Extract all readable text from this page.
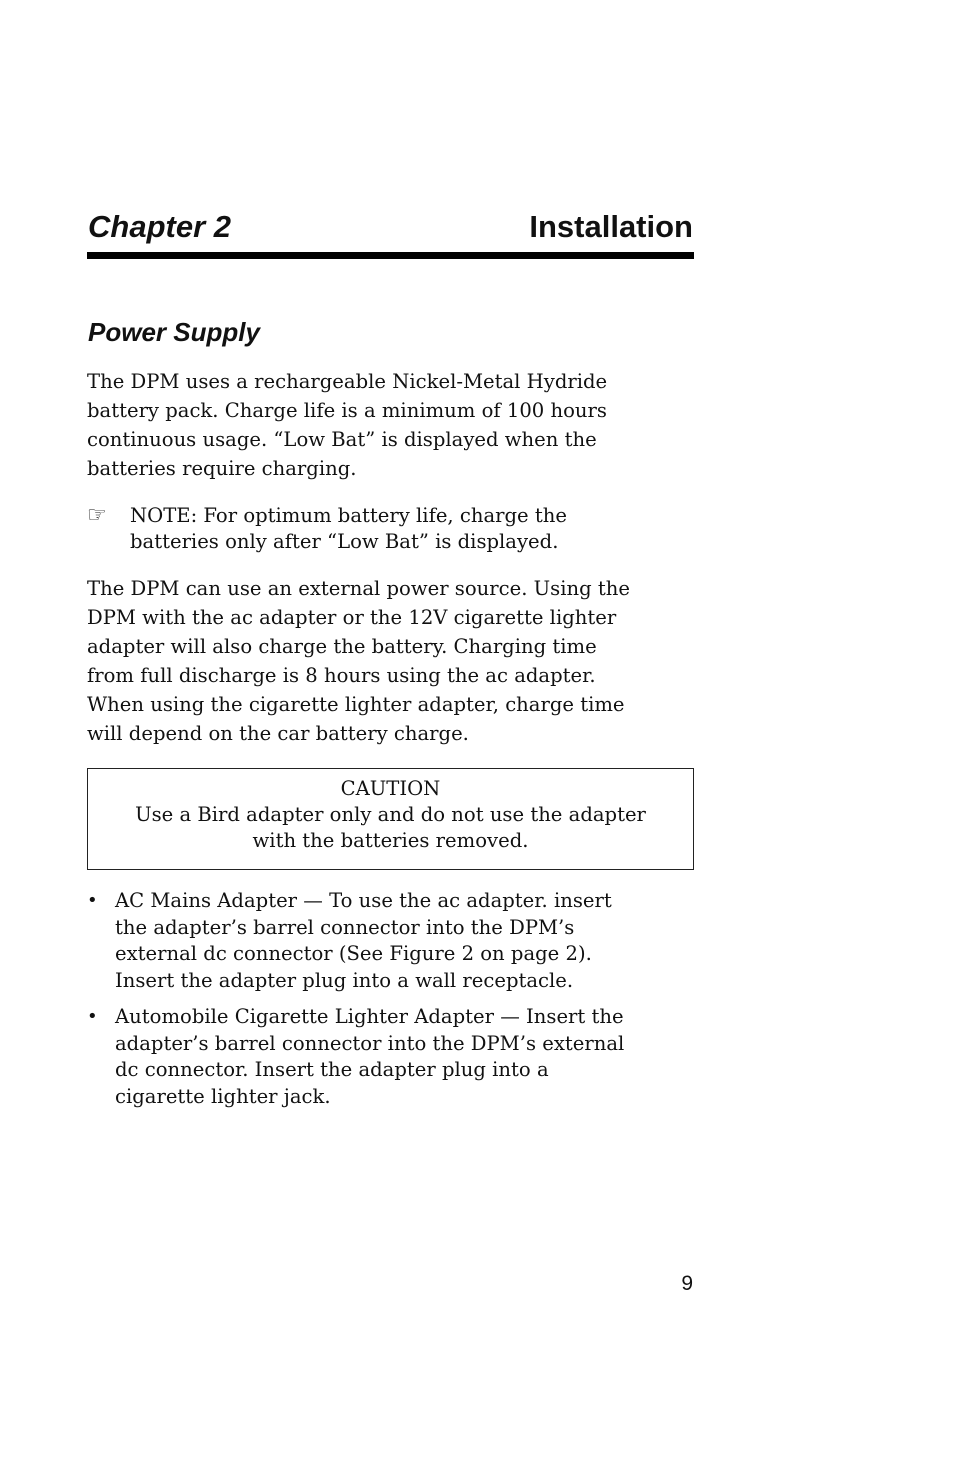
Chapter 2	Installation
Power Supply
The DPM uses a rechargeable Nickel-Metal Hydride
battery pack. Charge life is a minimum of 100 hours
continuous usage. “Low Bat” is displayed when the
batteries require charging.
☞ NOTE: For optimum battery life, charge the
batteries only after “Low Bat” is displayed.
The DPM can use an external power source. Using the
DPM with the ac adapter or the 12V cigarette lighter
adapter will also charge the battery. Charging time
from full discharge is 8 hours using the ac adapter.
When using the cigarette lighter adapter, charge time
will depend on the car battery charge.
CAUTION
Use a Bird adapter only and do not use the adapter
with the batteries removed.
• AC Mains Adapter — To use the ac adapter. insert
the adapter’s barrel connector into the DPM’s
external dc connector (See Figure 2 on page 2).
Insert the adapter plug into a wall receptacle.
• Automobile Cigarette Lighter Adapter — Insert the
adapter’s barrel connector into the DPM’s external
dc connector. Insert the adapter plug into a
cigarette lighter jack.
9
